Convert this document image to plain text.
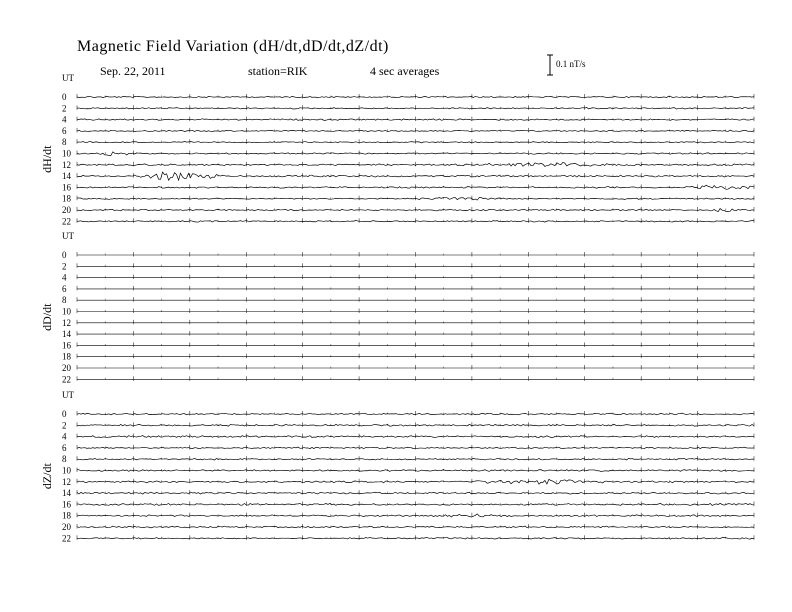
Magnetic Field Variation (dH/dt,dD/dt,dZ/dt)
Sep. 22, 2011	station=RIK	4 sec averages	0.1 nT/s
UT
dH/dt
0
2
4
6
8
10
12
14
16
18
20
22
UT
dD/dt
0
2
4
6
8
10
12
14
16
18
20
22
UT
dZ/dt
0
2
4
6
8
10
12
14
16
18
20
22
